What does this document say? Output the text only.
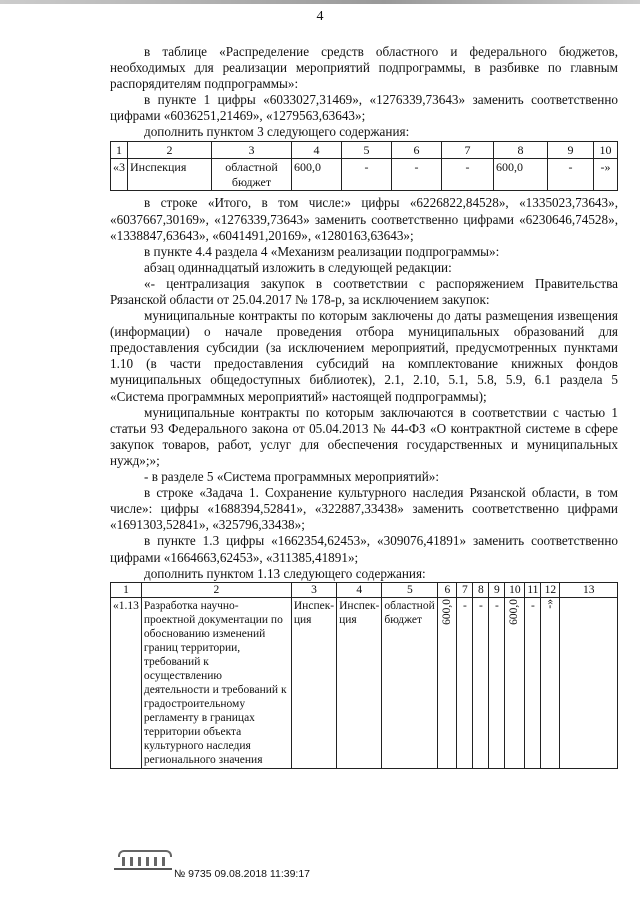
4

в таблице «Распределение средств областного и федерального бюджетов, необходимых для реализации мероприятий подпрограммы, в разбивке по главным распорядителям подпрограммы»:

в пункте 1 цифры «6033027,31469», «1276339,73643» заменить соответственно цифрами «6036251,21469», «1279563,63643»;

дополнить пунктом 3 следующего содержания:

1	2	3	4	5	6	7	8	9	10
«3	Инспекция	областной бюджет	600,0	-	-	-	600,0	-	-»

в строке «Итого, в том числе:» цифры «6226822,84528», «1335023,73643», «6037667,30169», «1276339,73643» заменить соответственно цифрами «6230646,74528», «1338847,63643», «6041491,20169», «1280163,63643»;

в пункте 4.4 раздела 4 «Механизм реализации подпрограммы»:

абзац одиннадцатый изложить в следующей редакции:

«- централизация закупок в соответствии с распоряжением Правительства Рязанской области от 25.04.2017 № 178-р, за исключением закупок:

муниципальные контракты по которым заключены до даты размещения извещения (информации) о начале проведения отбора муниципальных образований для предоставления субсидии (за исключением мероприятий, предусмотренных пунктами 1.10 (в части предоставления субсидий на комплектование книжных фондов муниципальных общедоступных библиотек), 2.1, 2.10, 5.1, 5.8, 5.9, 6.1 раздела 5 «Система программных мероприятий» настоящей подпрограммы);

муниципальные контракты по которым заключаются в соответствии с частью 1 статьи 93 Федерального закона от 05.04.2013 № 44-ФЗ «О контрактной системе в сфере закупок товаров, работ, услуг для обеспечения государственных и муниципальных нужд»;»;

- в разделе 5 «Система программных мероприятий»:

в строке «Задача 1. Сохранение культурного наследия Рязанской области, в том числе»: цифры «1688394,52841», «322887,33438» заменить соответственно цифрами «1691303,52841», «325796,33438»;

в пункте 1.3 цифры «1662354,62453», «309076,41891» заменить соответственно цифрами «1664663,62453», «311385,41891»;

дополнить пунктом 1.13 следующего содержания:

1	2	3	4	5	6	7	8	9	10	11	12	13
«1.13	Разработка научно-проектной документации по обоснованию изменений границ территории, требований к осуществлению деятельности и требований к градостроительному регламенту в границах территории объекта культурного наследия регионального значения	Инспек-ция	Инспек-ция	областной бюджет	600,0	-	-	-	600,0	-	-»	

№ 9735 09.08.2018 11:39:17
